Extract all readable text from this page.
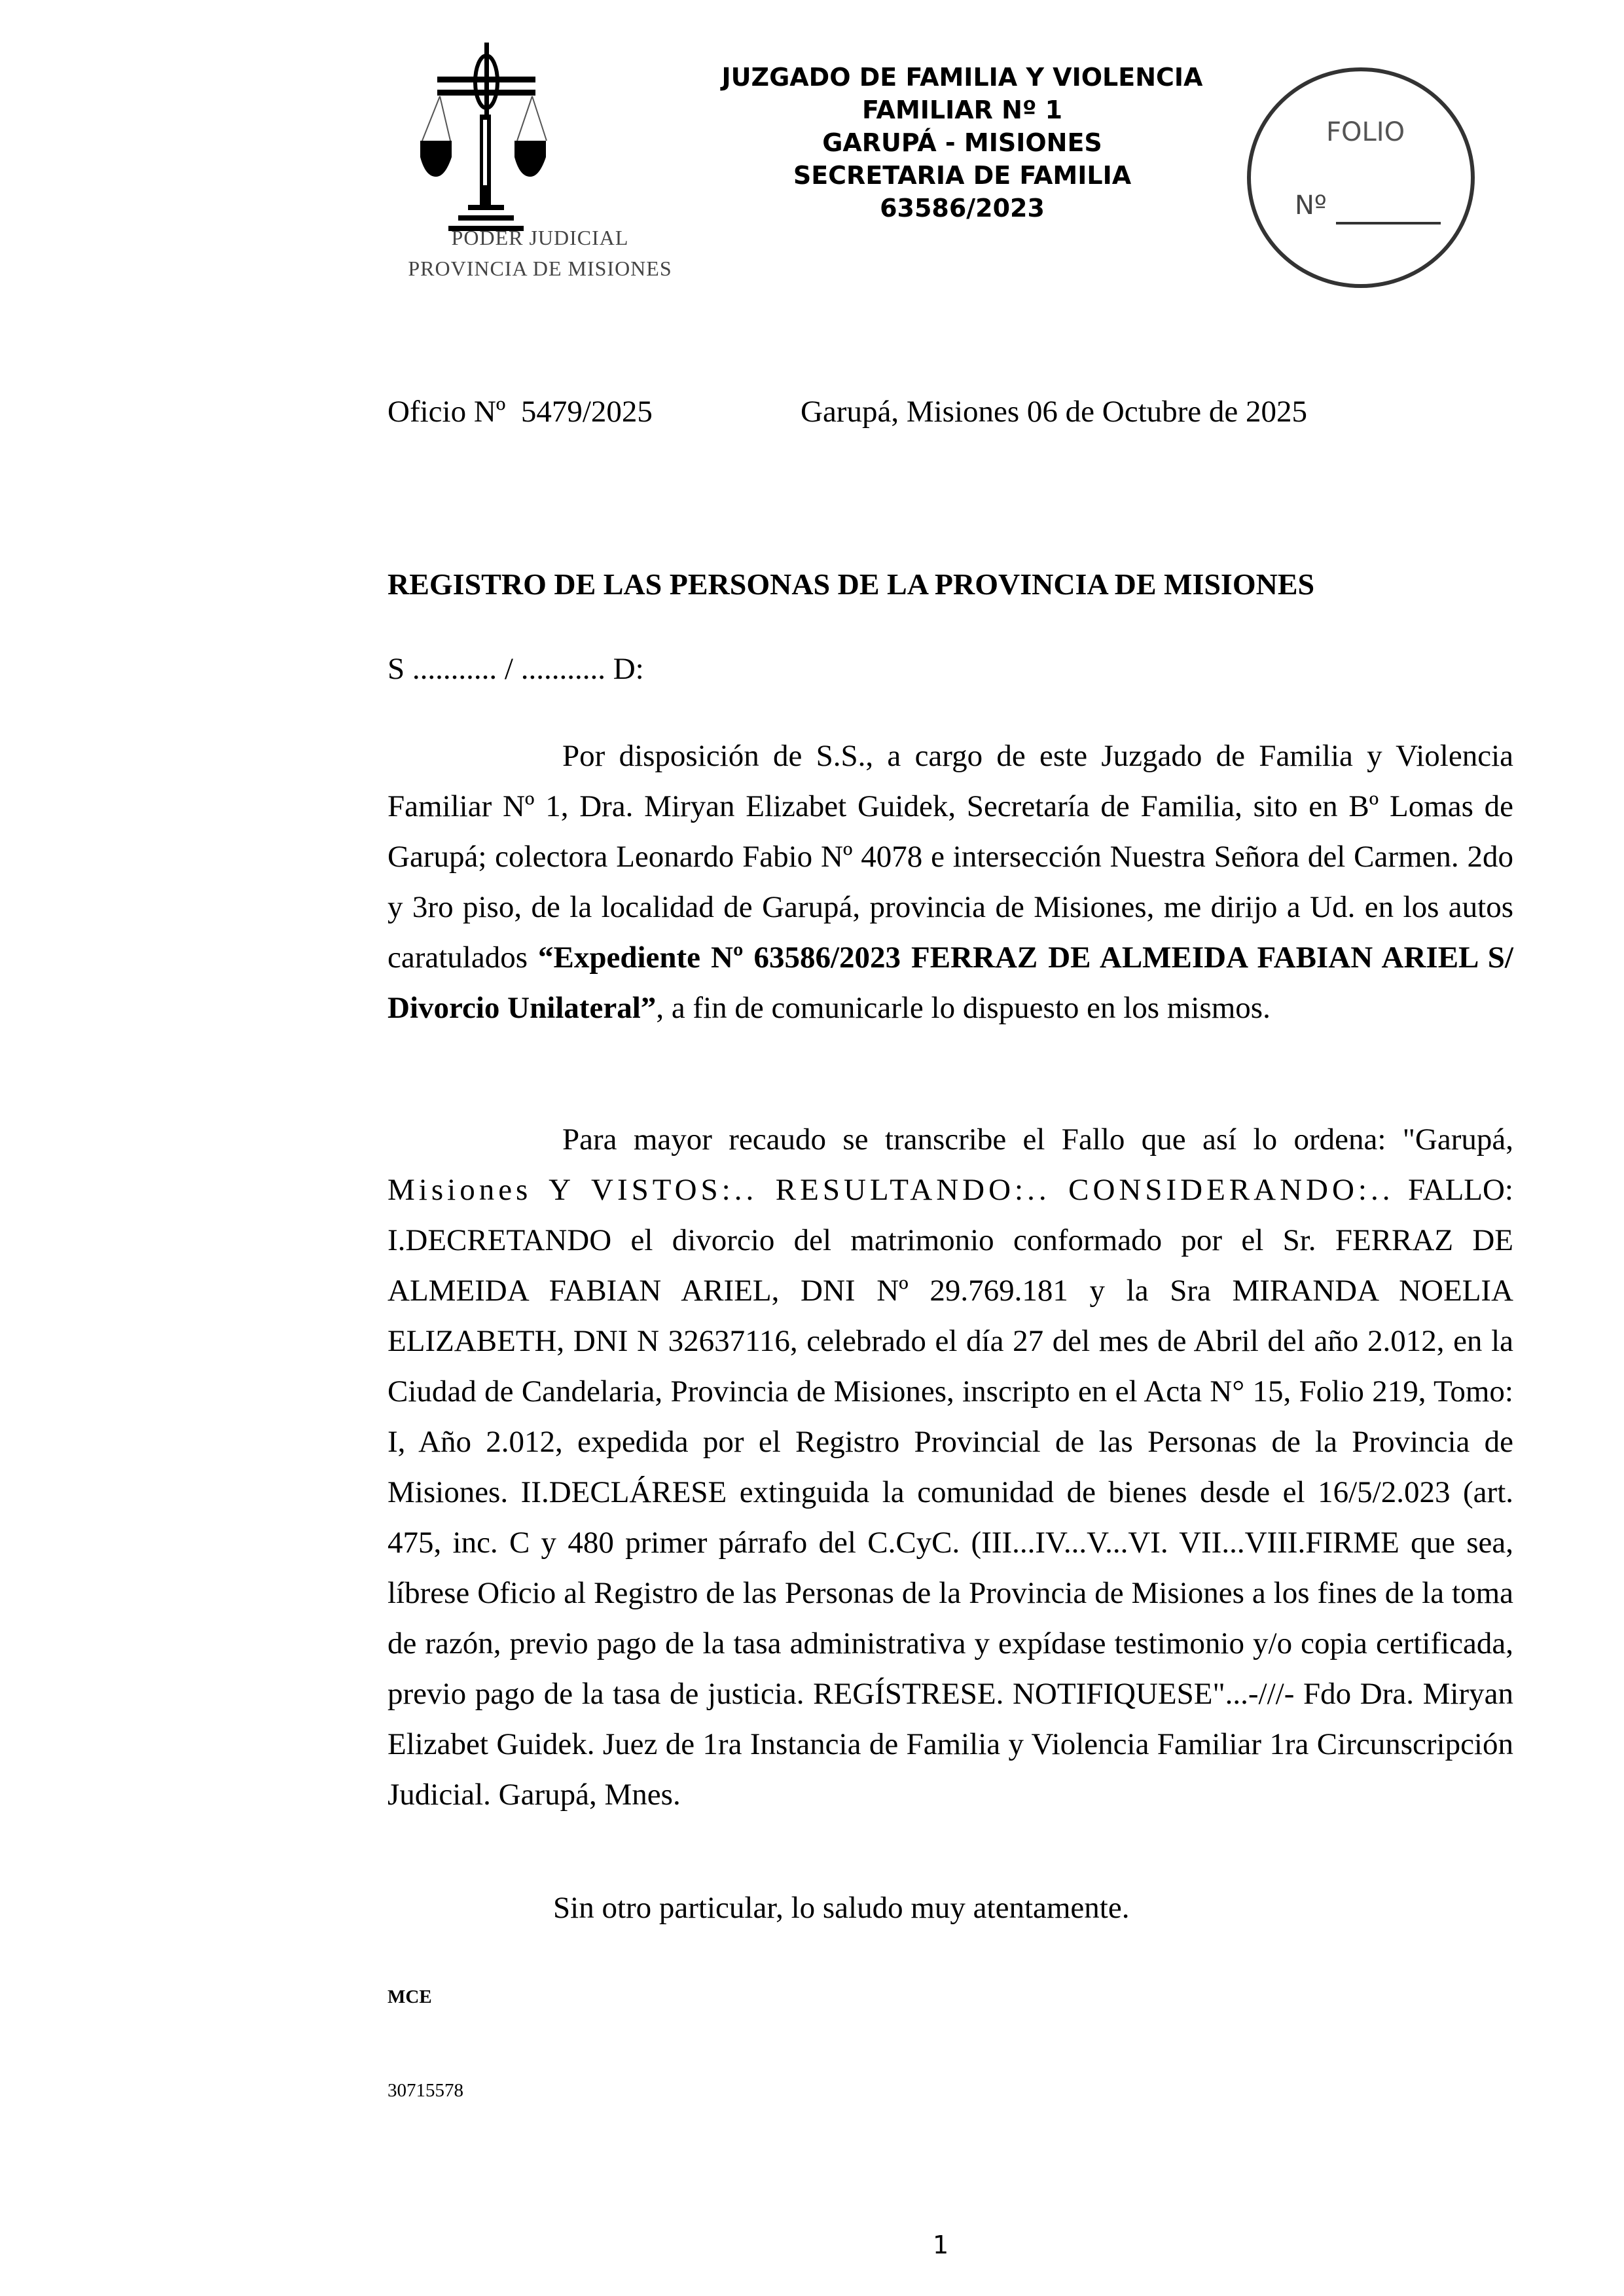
PODER JUDICIAL
PROVINCIA DE MISIONES
JUZGADO DE FAMILIA Y VIOLENCIA
FAMILIAR Nº 1
GARUPÁ - MISIONES
SECRETARIA DE FAMILIA
63586/2023
FOLIO
Nº
Oficio Nº  5479/2025	Garupá, Misiones 06 de Octubre de 2025
REGISTRO DE LAS PERSONAS DE LA PROVINCIA DE MISIONES
S ........... / ........... D:

Por disposición de S.S., a cargo de este Juzgado de Familia y Violencia Familiar Nº 1, Dra. Miryan Elizabet Guidek, Secretaría de Familia, sito en Bº Lomas de Garupá; colectora Leonardo Fabio Nº 4078 e intersección Nuestra Señora del Carmen. 2do y 3ro piso, de la localidad de Garupá, provincia de Misiones, me dirijo a Ud. en los autos caratulados “Expediente Nº 63586/2023 FERRAZ DE ALMEIDA FABIAN ARIEL S/ Divorcio Unilateral”, a fin de comunicarle lo dispuesto en los mismos.

Para mayor recaudo se transcribe el Fallo que así lo ordena: "Garupá, Misiones Y VISTOS:.. RESULTANDO:.. CONSIDERANDO:.. FALLO: I.DECRETANDO el divorcio del matrimonio conformado por el Sr. FERRAZ DE ALMEIDA FABIAN ARIEL, DNI Nº 29.769.181 y la Sra MIRANDA NOELIA ELIZABETH, DNI N 32637116, celebrado el día 27 del mes de Abril del año 2.012, en la Ciudad de Candelaria, Provincia de Misiones, inscripto en el Acta N° 15, Folio 219, Tomo: I, Año 2.012, expedida por el Registro Provincial de las Personas de la Provincia de Misiones. II.DECLÁRESE extinguida la comunidad de bienes desde el 16/5/2.023 (art. 475, inc. C y 480 primer párrafo del C.CyC. (III...IV...V...VI. VII...VIII.FIRME que sea, líbrese Oficio al Registro de las Personas de la Provincia de Misiones a los fines de la toma de razón, previo pago de la tasa administrativa y expídase testimonio y/o copia certificada, previo pago de la tasa de justicia. REGÍSTRESE. NOTIFIQUESE"...-///- Fdo Dra. Miryan Elizabet Guidek. Juez de 1ra Instancia de Familia y Violencia Familiar 1ra Circunscripción Judicial. Garupá, Mnes.

Sin otro particular, lo saludo muy atentamente.
MCE
30715578
1
